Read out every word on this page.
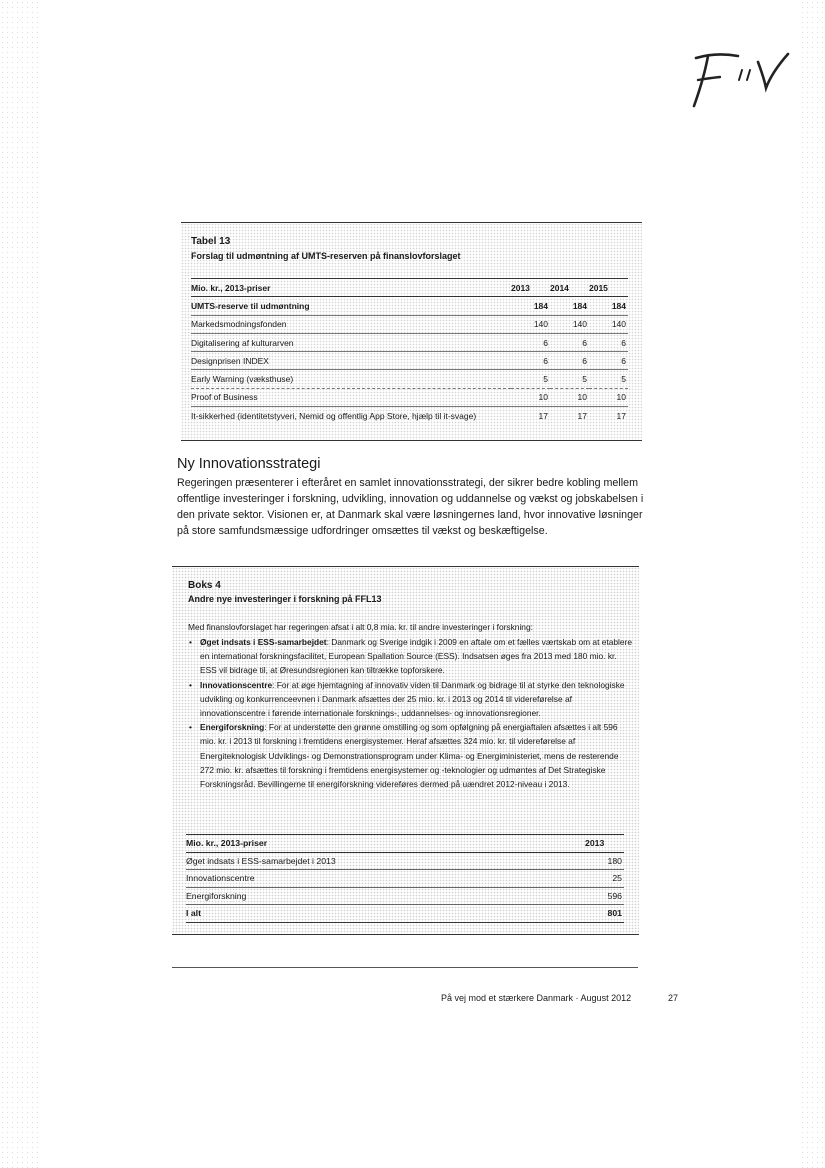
Tabel 13
Forslag til udmøntning af UMTS-reserven på finanslovforslaget
Mio. kr., 2013-priser	2013	2014	2015
UMTS-reserve til udmøntning	184	184	184
Markedsmodningsfonden	140	140	140
Digitalisering af kulturarven	6	6	6
Designprisen INDEX	6	6	6
Early Warning (væksthuse)	5	5	5
Proof of Business	10	10	10
It-sikkerhed (identitetstyveri, Nemid og offentlig App Store, hjælp til it-svage)	17	17	17
Ny Innovationsstrategi

Regeringen præsenterer i efteråret en samlet innovationsstrategi, der sikrer bedre kobling mellem offentlige investeringer i forskning, udvikling, innovation og uddannelse og vækst og jobskabelsen i den private sektor. Visionen er, at Danmark skal være løsningernes land, hvor innovative løsninger på store samfundsmæssige udfordringer omsættes til vækst og beskæftigelse.

Boks 4
Andre nye investeringer i forskning på FFL13
Med finanslovforslaget har regeringen afsat i alt 0,8 mia. kr. til andre investeringer i forskning:
• Øget indsats i ESS-samarbejdet: Danmark og Sverige indgik i 2009 en aftale om et fælles værtskab om at etablere en international forskningsfacilitet, European Spallation Source (ESS). Indsatsen øges fra 2013 med 180 mio. kr. ESS vil bidrage til, at Øresundsregionen kan tiltrække topforskere.
• Innovationscentre: For at øge hjemtagning af innovativ viden til Danmark og bidrage til at styrke den teknologiske udvikling og konkurrenceevnen i Danmark afsættes der 25 mio. kr. i 2013 og 2014 til videreførelse af innovationscentre i førende internationale forsknings-, uddannelses- og innovationsregioner.
• Energiforskning: For at understøtte den grønne omstilling og som opfølgning på energiaftalen afsættes i alt 596 mio. kr. i 2013 til forskning i fremtidens energisystemer. Heraf afsættes 324 mio. kr. til videreførelse af Energiteknologisk Udviklings- og Demonstrationsprogram under Klima- og Energiministeriet, mens de resterende 272 mio. kr. afsættes til forskning i fremtidens energisystemer og -teknologier og udmøntes af Det Strategiske Forskningsråd. Bevillingerne til energiforskning videreføres dermed på uændret 2012-niveau i 2013.
Mio. kr., 2013-priser	2013
Øget indsats i ESS-samarbejdet i 2013	180
Innovationscentre	25
Energiforskning	596
I alt	801
På vej mod et stærkere Danmark · August 2012	27
